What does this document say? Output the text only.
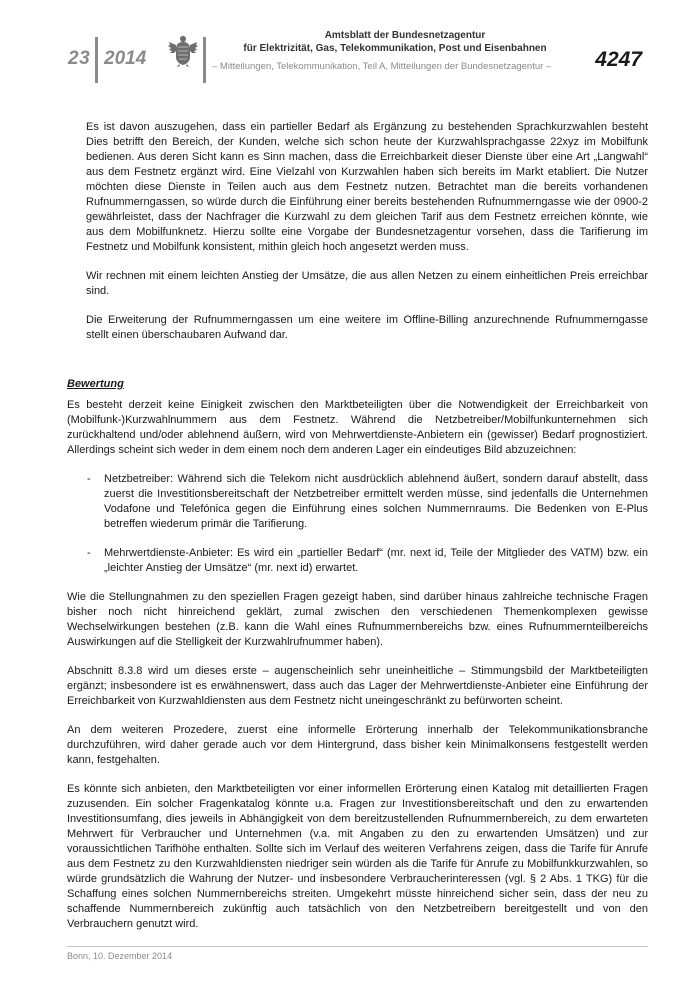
23 2014
Amtsblatt der Bundesnetzagentur
für Elektrizität, Gas, Telekommunikation, Post und Eisenbahnen
– Mitteilungen, Telekommunikation, Teil A, Mitteilungen der Bundesnetzagentur – 4247

Es ist davon auszugehen, dass ein partieller Bedarf als Ergänzung zu bestehenden Sprachkurzwahlen besteht Dies betrifft den Bereich, der Kunden, welche sich schon heute der Kurzwahlsprachgasse 22xyz im Mobilfunk bedienen. Aus deren Sicht kann es Sinn machen, dass die Erreichbarkeit dieser Dienste über eine Art „Langwahl“ aus dem Festnetz ergänzt wird. Eine Vielzahl von Kurzwahlen haben sich bereits im Markt etabliert. Die Nutzer möchten diese Dienste in Teilen auch aus dem Festnetz nutzen. Betrachtet man die bereits vorhandenen Rufnummerngassen, so würde durch die Einführung einer bereits bestehenden Rufnummerngasse wie der 0900-2 gewährleistet, dass der Nachfrager die Kurzwahl zu dem gleichen Tarif aus dem Festnetz erreichen könnte, wie aus dem Mobilfunknetz. Hierzu sollte eine Vorgabe der Bundesnetzagentur vorsehen, dass die Tarifierung im Festnetz und Mobilfunk konsistent, mithin gleich hoch angesetzt werden muss.

Wir rechnen mit einem leichten Anstieg der Umsätze, die aus allen Netzen zu einem einheitlichen Preis erreichbar sind.

Die Erweiterung der Rufnummerngassen um eine weitere im Offline-Billing anzurechnende Rufnummerngasse stellt einen überschaubaren Aufwand dar.

Bewertung

Es besteht derzeit keine Einigkeit zwischen den Marktbeteiligten über die Notwendigkeit der Erreichbarkeit von (Mobilfunk-)Kurzwahlnummern aus dem Festnetz. Während die Netzbetreiber/Mobilfunkunternehmen sich zurückhaltend und/oder ablehnend äußern, wird von Mehrwertdienste-Anbietern ein (gewisser) Bedarf prognostiziert. Allerdings scheint sich weder in dem einem noch dem anderen Lager ein eindeutiges Bild abzuzeichnen:

-	Netzbetreiber: Während sich die Telekom nicht ausdrücklich ablehnend äußert, sondern darauf abstellt, dass zuerst die Investitionsbereitschaft der Netzbetreiber ermittelt werden müsse, sind jedenfalls die Unternehmen Vodafone und Telefónica gegen die Einführung eines solchen Nummernraums. Die Bedenken von E-Plus betreffen wiederum primär die Tarifierung.
-	Mehrwertdienste-Anbieter: Es wird ein „partieller Bedarf“ (mr. next id, Teile der Mitglieder des VATM) bzw. ein „leichter Anstieg der Umsätze“ (mr. next id) erwartet.

Wie die Stellungnahmen zu den speziellen Fragen gezeigt haben, sind darüber hinaus zahlreiche technische Fragen bisher noch nicht hinreichend geklärt, zumal zwischen den verschiedenen Themenkomplexen gewisse Wechselwirkungen bestehen (z.B. kann die Wahl eines Rufnummernbereichs bzw. eines Rufnummernteilbereichs Auswirkungen auf die Stelligkeit der Kurzwahlrufnummer haben).

Abschnitt 8.3.8 wird um dieses erste – augenscheinlich sehr uneinheitliche – Stimmungsbild der Marktbeteiligten ergänzt; insbesondere ist es erwähnenswert, dass auch das Lager der Mehrwertdienste-Anbieter eine Einführung der Erreichbarkeit von Kurzwahldiensten aus dem Festnetz nicht uneingeschränkt zu befürworten scheint.

An dem weiteren Prozedere, zuerst eine informelle Erörterung innerhalb der Telekommunikationsbranche durchzuführen, wird daher gerade auch vor dem Hintergrund, dass bisher kein Minimalkonsens festgestellt werden kann, festgehalten.

Es könnte sich anbieten, den Marktbeteiligten vor einer informellen Erörterung einen Katalog mit detaillierten Fragen zuzusenden. Ein solcher Fragenkatalog könnte u.a. Fragen zur Investitionsbereitschaft und den zu erwartenden Investitionsumfang, dies jeweils in Abhängigkeit von dem bereitzustellenden Rufnummernbereich, zu dem erwarteten Mehrwert für Verbraucher und Unternehmen (v.a. mit Angaben zu den zu erwartenden Umsätzen) und zur voraussichtlichen Tarifhöhe enthalten. Sollte sich im Verlauf des weiteren Verfahrens zeigen, dass die Tarife für Anrufe aus dem Festnetz zu den Kurzwahldiensten niedriger sein würden als die Tarife für Anrufe zu Mobilfunkkurzwahlen, so würde grundsätzlich die Wahrung der Nutzer- und insbesondere Verbraucherinteressen (vgl. § 2 Abs. 1 TKG) für die Schaffung eines solchen Nummernbereichs streiten. Umgekehrt müsste hinreichend sicher sein, dass der neu zu schaffende Nummernbereich zukünftig auch tatsächlich von den Netzbetreibern bereitgestellt und von den Verbrauchern genutzt wird.

Bonn, 10. Dezember 2014
